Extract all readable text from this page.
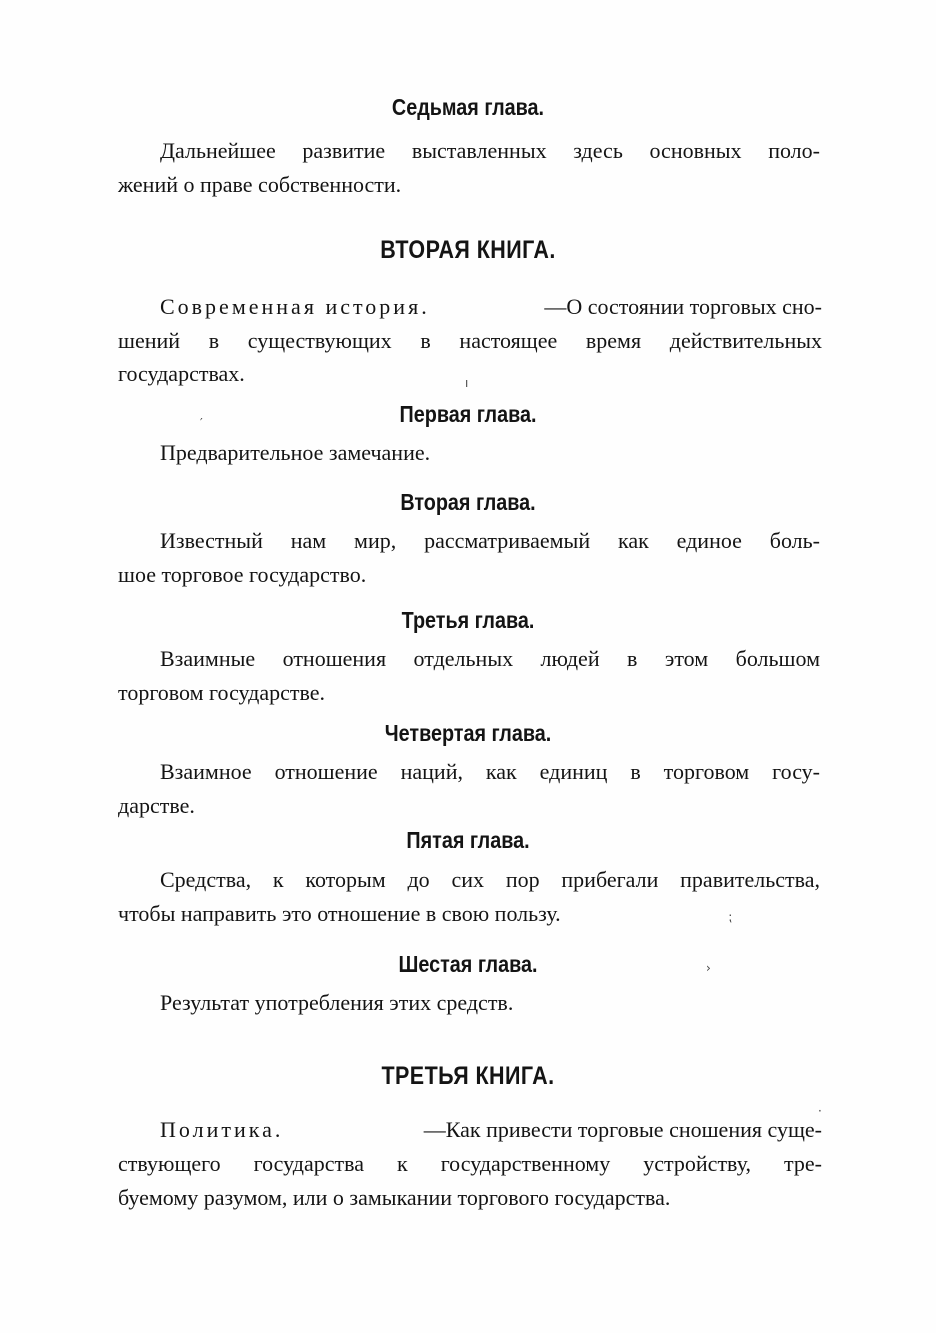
Седьмая глава.

Дальнейшее развитие выставленных здесь основных поло-

жений о праве собственности.

ВТОРАЯ КНИГА.

Современная история.	—О состоянии торговых сно-

шений в существующих в настоящее время действительных

государствах.

Первая глава.

Предварительное замечание.

Вторая глава.

Известный нам мир, рассматриваемый как единое боль-

шое торговое государство.

Третья глава.

Взаимные отношения отдельных людей в этом большом

торговом государстве.

Четвертая глава.

Взаимное отношение наций, как единиц в торговом госу-

дарстве.

Пятая глава.

Средства, к которым до сих пор прибегали правительства,

чтобы направить это отношение в свою пользу.

Шестая глава.

Результат употребления этих средств.

ТРЕТЬЯ КНИГА.

Политика.	—Как привести торговые сношения суще-

ствующего государства к государственному устройству, тре-

буемому разумом, или о замыкании торгового государства.

′
ı
⁏
›
·
